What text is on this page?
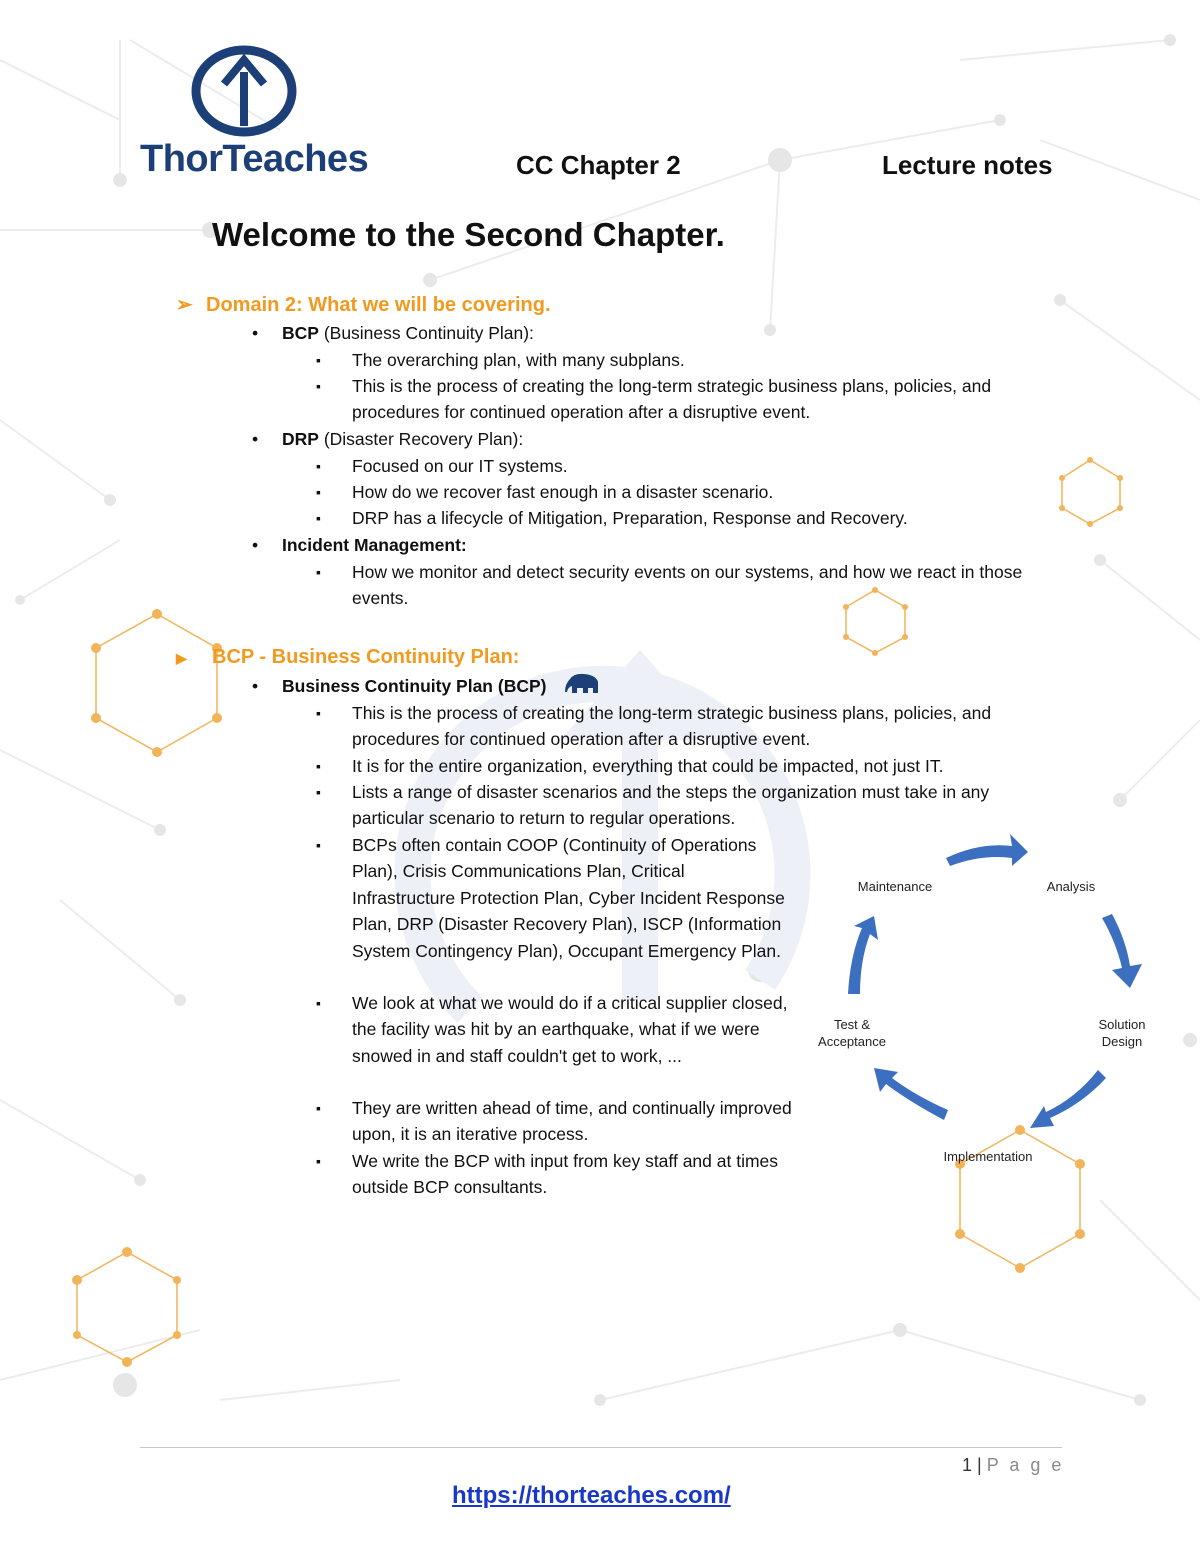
ThorTeaches	CC Chapter 2	Lecture notes
Welcome to the Second Chapter.
➢ Domain 2: What we will be covering.
• BCP (Business Continuity Plan):
▪ The overarching plan, with many subplans.
▪ This is the process of creating the long-term strategic business plans, policies, and procedures for continued operation after a disruptive event.
• DRP (Disaster Recovery Plan):
▪ Focused on our IT systems.
▪ How do we recover fast enough in a disaster scenario.
▪ DRP has a lifecycle of Mitigation, Preparation, Response and Recovery.
• Incident Management:
▪ How we monitor and detect security events on our systems, and how we react in those events.
▶ BCP - Business Continuity Plan:
• Business Continuity Plan (BCP)
▪ This is the process of creating the long-term strategic business plans, policies, and procedures for continued operation after a disruptive event.
▪ It is for the entire organization, everything that could be impacted, not just IT.
▪ Lists a range of disaster scenarios and the steps the organization must take in any particular scenario to return to regular operations.
▪ BCPs often contain COOP (Continuity of Operations Plan), Crisis Communications Plan, Critical Infrastructure Protection Plan, Cyber Incident Response Plan, DRP (Disaster Recovery Plan), ISCP (Information System Contingency Plan), Occupant Emergency Plan.
▪ We look at what we would do if a critical supplier closed, the facility was hit by an earthquake, what if we were snowed in and staff couldn't get to work, ...
▪ They are written ahead of time, and continually improved upon, it is an iterative process.
▪ We write the BCP with input from key staff and at times outside BCP consultants.
Maintenance	Analysis
Solution Design
Implementation
Test & Acceptance
1 | P a g e
https://thorteaches.com/
